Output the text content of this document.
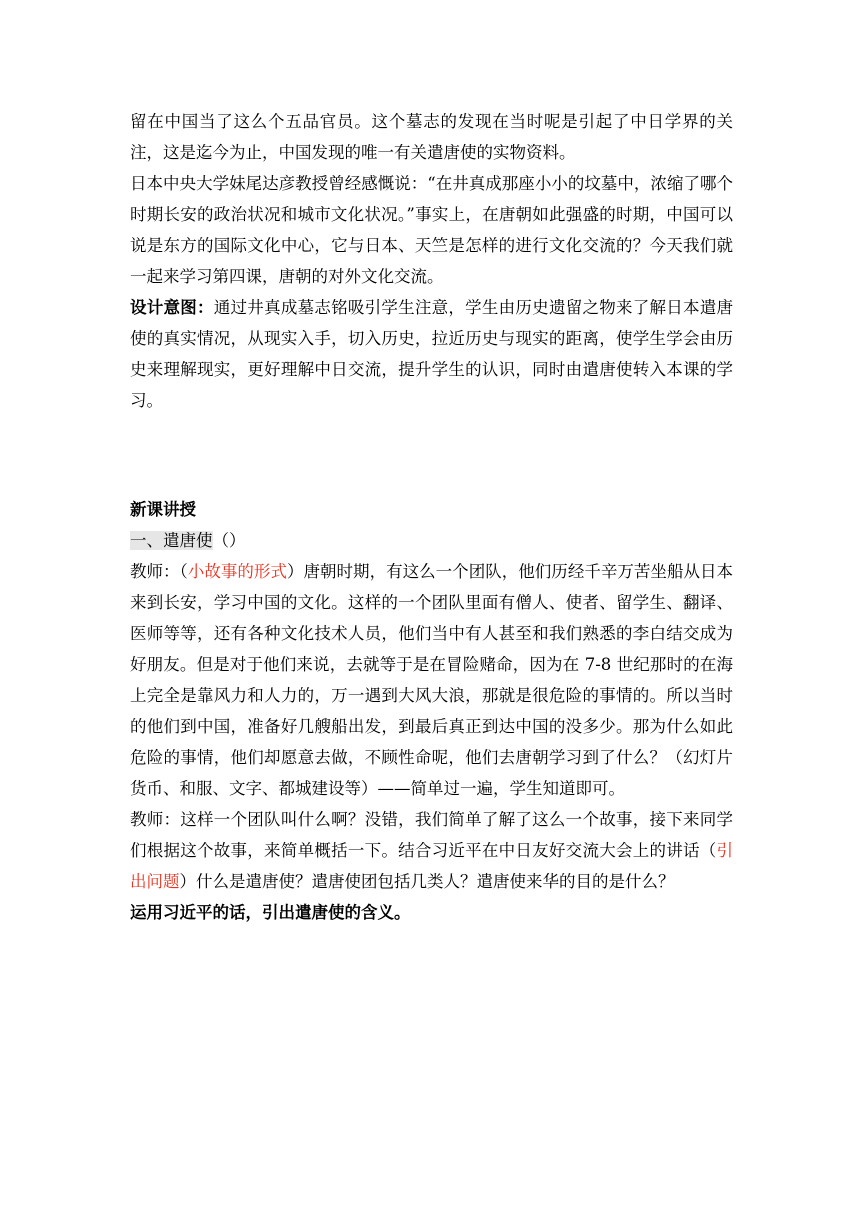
留在中国当了这么个五品官员。这个墓志的发现在当时呢是引起了中日学界的关注，这是迄今为止，中国发现的唯一有关遣唐使的实物资料。

日本中央大学妹尾达彦教授曾经感慨说：“在井真成那座小小的坟墓中，浓缩了哪个时期长安的政治状况和城市文化状况。”事实上，在唐朝如此强盛的时期，中国可以说是东方的国际文化中心，它与日本、天竺是怎样的进行文化交流的？今天我们就一起来学习第四课，唐朝的对外文化交流。

设计意图：通过井真成墓志铭吸引学生注意，学生由历史遗留之物来了解日本遣唐使的真实情况，从现实入手，切入历史，拉近历史与现实的距离，使学生学会由历史来理解现实，更好理解中日交流，提升学生的认识，同时由遣唐使转入本课的学习。

新课讲授

一、遣唐使（）

教师：（小故事的形式）唐朝时期，有这么一个团队，他们历经千辛万苦坐船从日本来到长安，学习中国的文化。这样的一个团队里面有僧人、使者、留学生、翻译、医师等等，还有各种文化技术人员，他们当中有人甚至和我们熟悉的李白结交成为好朋友。但是对于他们来说，去就等于是在冒险赌命，因为在 7-8 世纪那时的在海上完全是靠风力和人力的，万一遇到大风大浪，那就是很危险的事情的。所以当时的他们到中国，准备好几艘船出发，到最后真正到达中国的没多少。那为什么如此危险的事情，他们却愿意去做，不顾性命呢，他们去唐朝学习到了什么？（幻灯片货币、和服、文字、都城建设等）——简单过一遍，学生知道即可。

教师：这样一个团队叫什么啊？没错，我们简单了解了这么一个故事，接下来同学们根据这个故事，来简单概括一下。结合习近平在中日友好交流大会上的讲话（引出问题）什么是遣唐使？遣唐使团包括几类人？遣唐使来华的目的是什么？

运用习近平的话，引出遣唐使的含义。
